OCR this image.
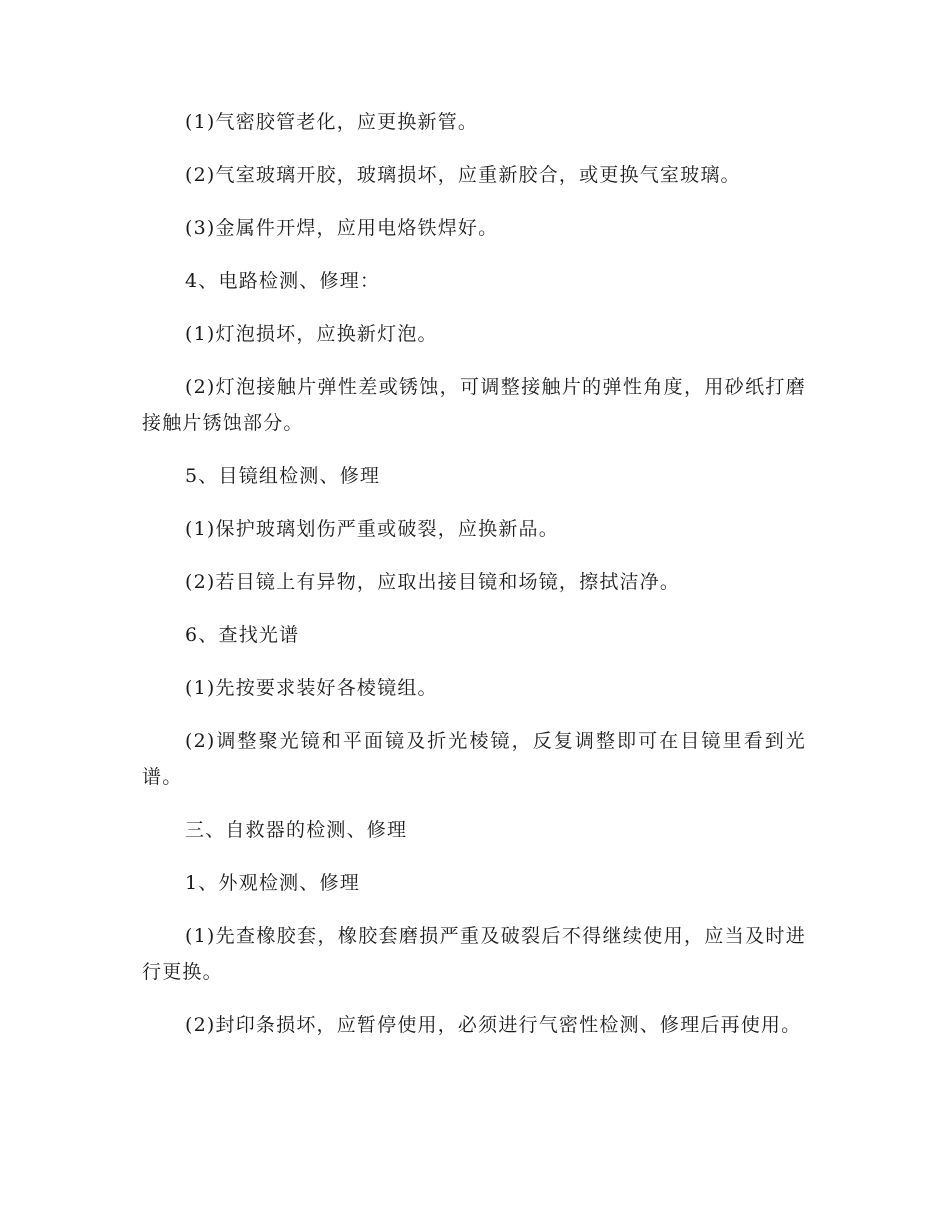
(1)气密胶管老化，应更换新管。

(2)气室玻璃开胶，玻璃损坏，应重新胶合，或更换气室玻璃。

(3)金属件开焊，应用电烙铁焊好。

4、电路检测、修理：

(1)灯泡损坏，应换新灯泡。

(2)灯泡接触片弹性差或锈蚀，可调整接触片的弹性角度，用砂纸打磨接触片锈蚀部分。

5、目镜组检测、修理

(1)保护玻璃划伤严重或破裂，应换新品。

(2)若目镜上有异物，应取出接目镜和场镜，擦拭洁净。

6、查找光谱

(1)先按要求装好各棱镜组。

(2)调整聚光镜和平面镜及折光棱镜，反复调整即可在目镜里看到光谱。

三、自救器的检测、修理

1、外观检测、修理

(1)先查橡胶套，橡胶套磨损严重及破裂后不得继续使用，应当及时进行更换。

(2)封印条损坏，应暂停使用，必须进行气密性检测、修理后再使用。
